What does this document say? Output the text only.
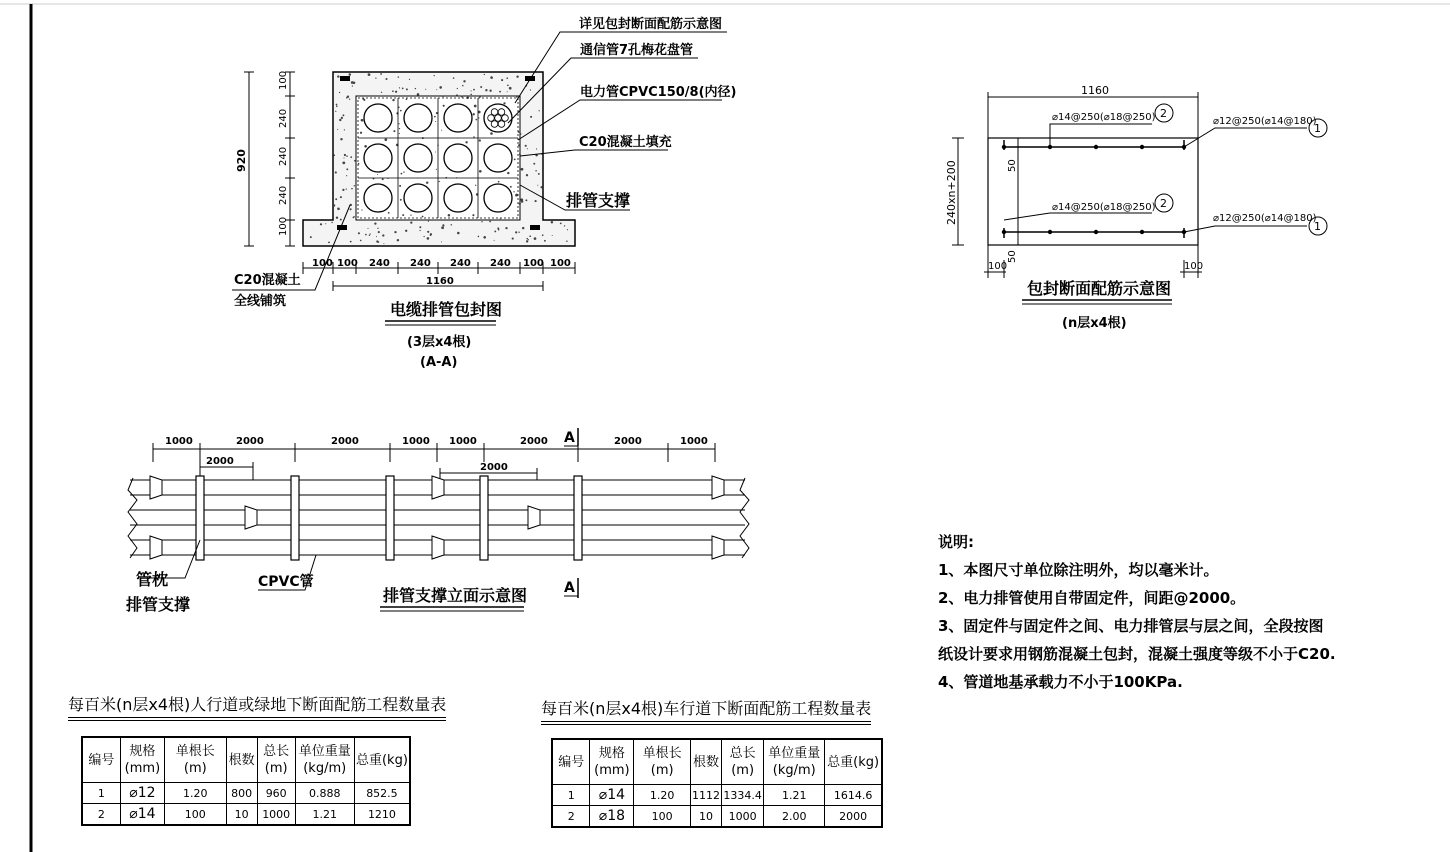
920
100
240
240
240
100
100 100 240 240 240 240 100 100
1160
详见包封断面配筋示意图
通信管7孔梅花盘管
电力管CPVC150/8(内径)
C20混凝土填充
排管支撑
C20混凝土
全线铺筑	电缆排管包封图
(3层x4根)
(A-A)
1160
240xn+200	50
50
⌀14@250(⌀18@250) 2
⌀14@250(⌀18@250) 2
⌀12@250(⌀14@180)
1
⌀12@250(⌀14@180)
1
100	100
包封断面配筋示意图
(n层x4根)
1000	2000	2000	1000 1000	2000	2000	1000
2000
2000
A
A
管枕
排管支撑
CPVC管
排管支撑立面示意图
说明:
1、本图尺寸单位除注明外，均以毫米计。
2、电力排管使用自带固定件，间距@2000。
3、固定件与固定件之间、电力排管层与层之间，全段按图
纸设计要求用钢筋混凝土包封，混凝土强度等级不小于C20.
4、管道地基承载力不小于100KPa.
每百米(n层x4根)人行道或绿地下断面配筋工程数量表
编号	规格(mm)	单根长(m)	根数	总长(m)	单位重量(kg/m)	总重(kg)
1	⌀12	1.20	800	960	0.888	852.5
2	⌀14	100	10	1000	1.21	1210
每百米(n层x4根)车行道下断面配筋工程数量表
编号	规格(mm)	单根长(m)	根数	总长(m)	单位重量(kg/m)	总重(kg)
1	⌀14	1.20	1112	1334.4	1.21	1614.6
2	⌀18	100	10	1000	2.00	2000
